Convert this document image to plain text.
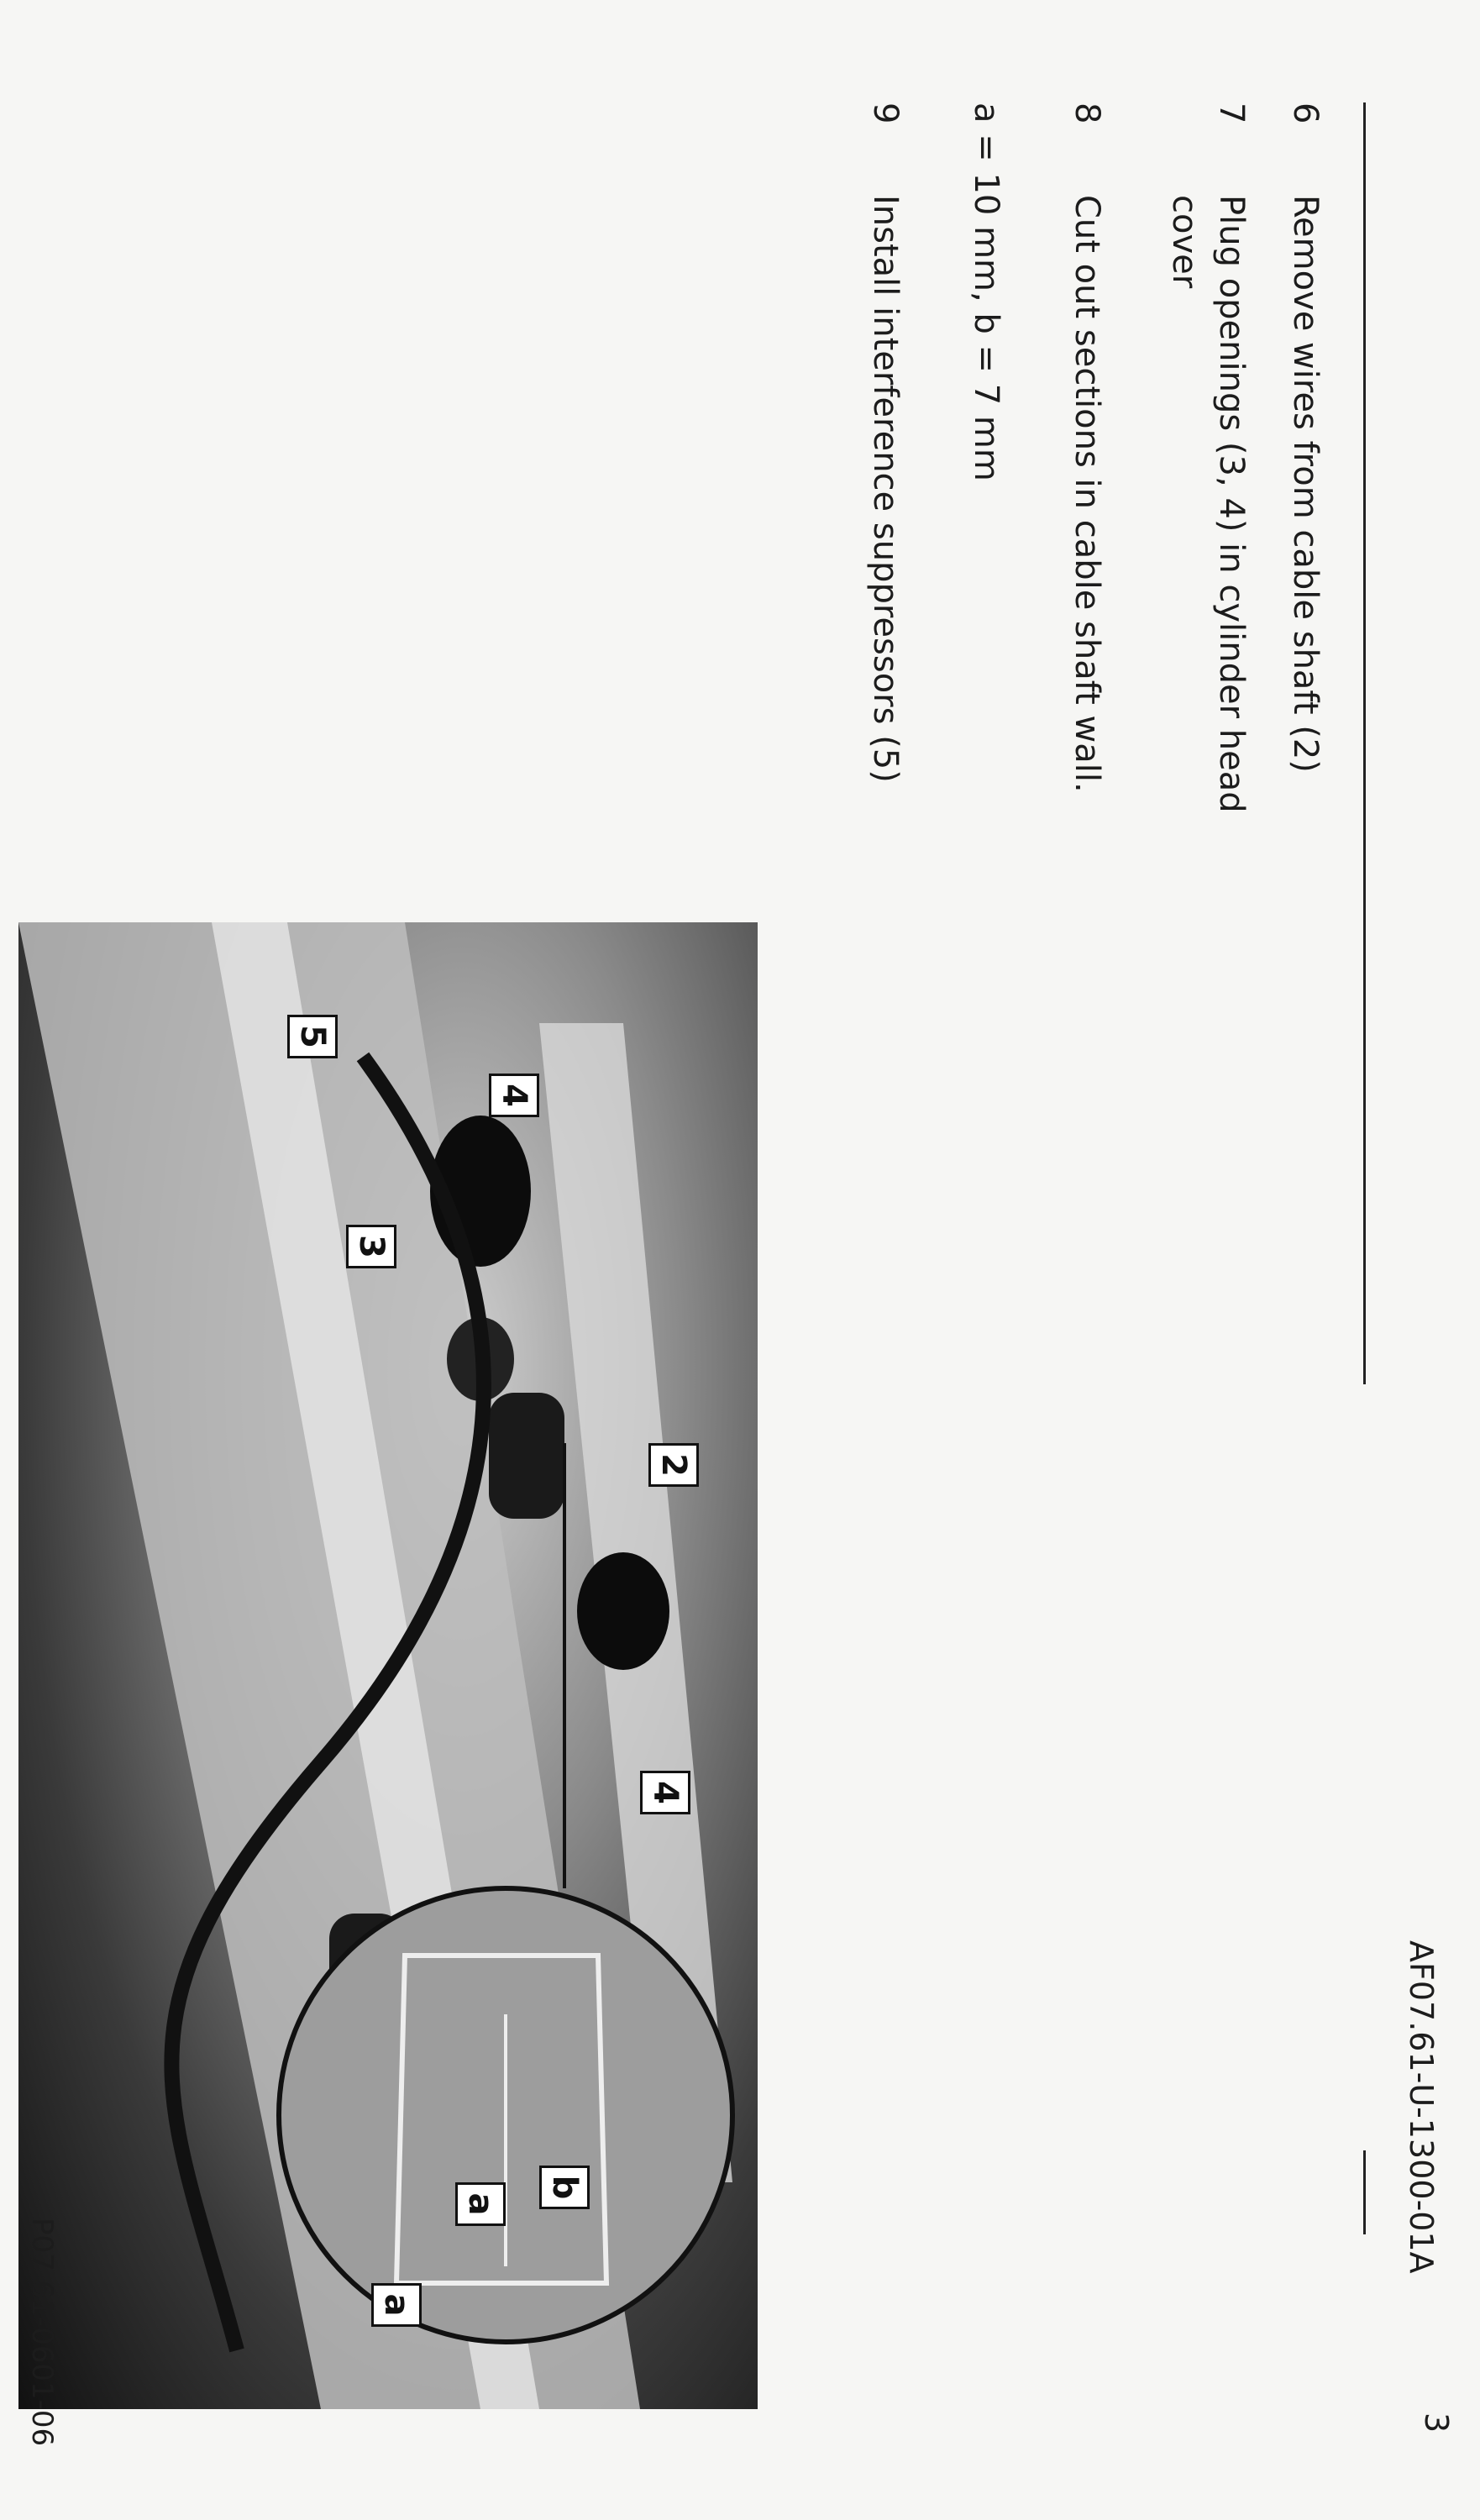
3
AF07.61-U-1300-01A
6
Remove wires from cable shaft (2)
7
Plug openings (3, 4) in cylinder head cover
8
Cut out sections in cable shaft wall.
a = 10 mm, b = 7 mm
9
Install interference suppressors (5)
5
4
3
2
4
b
a
a
P07.61-0601-06
